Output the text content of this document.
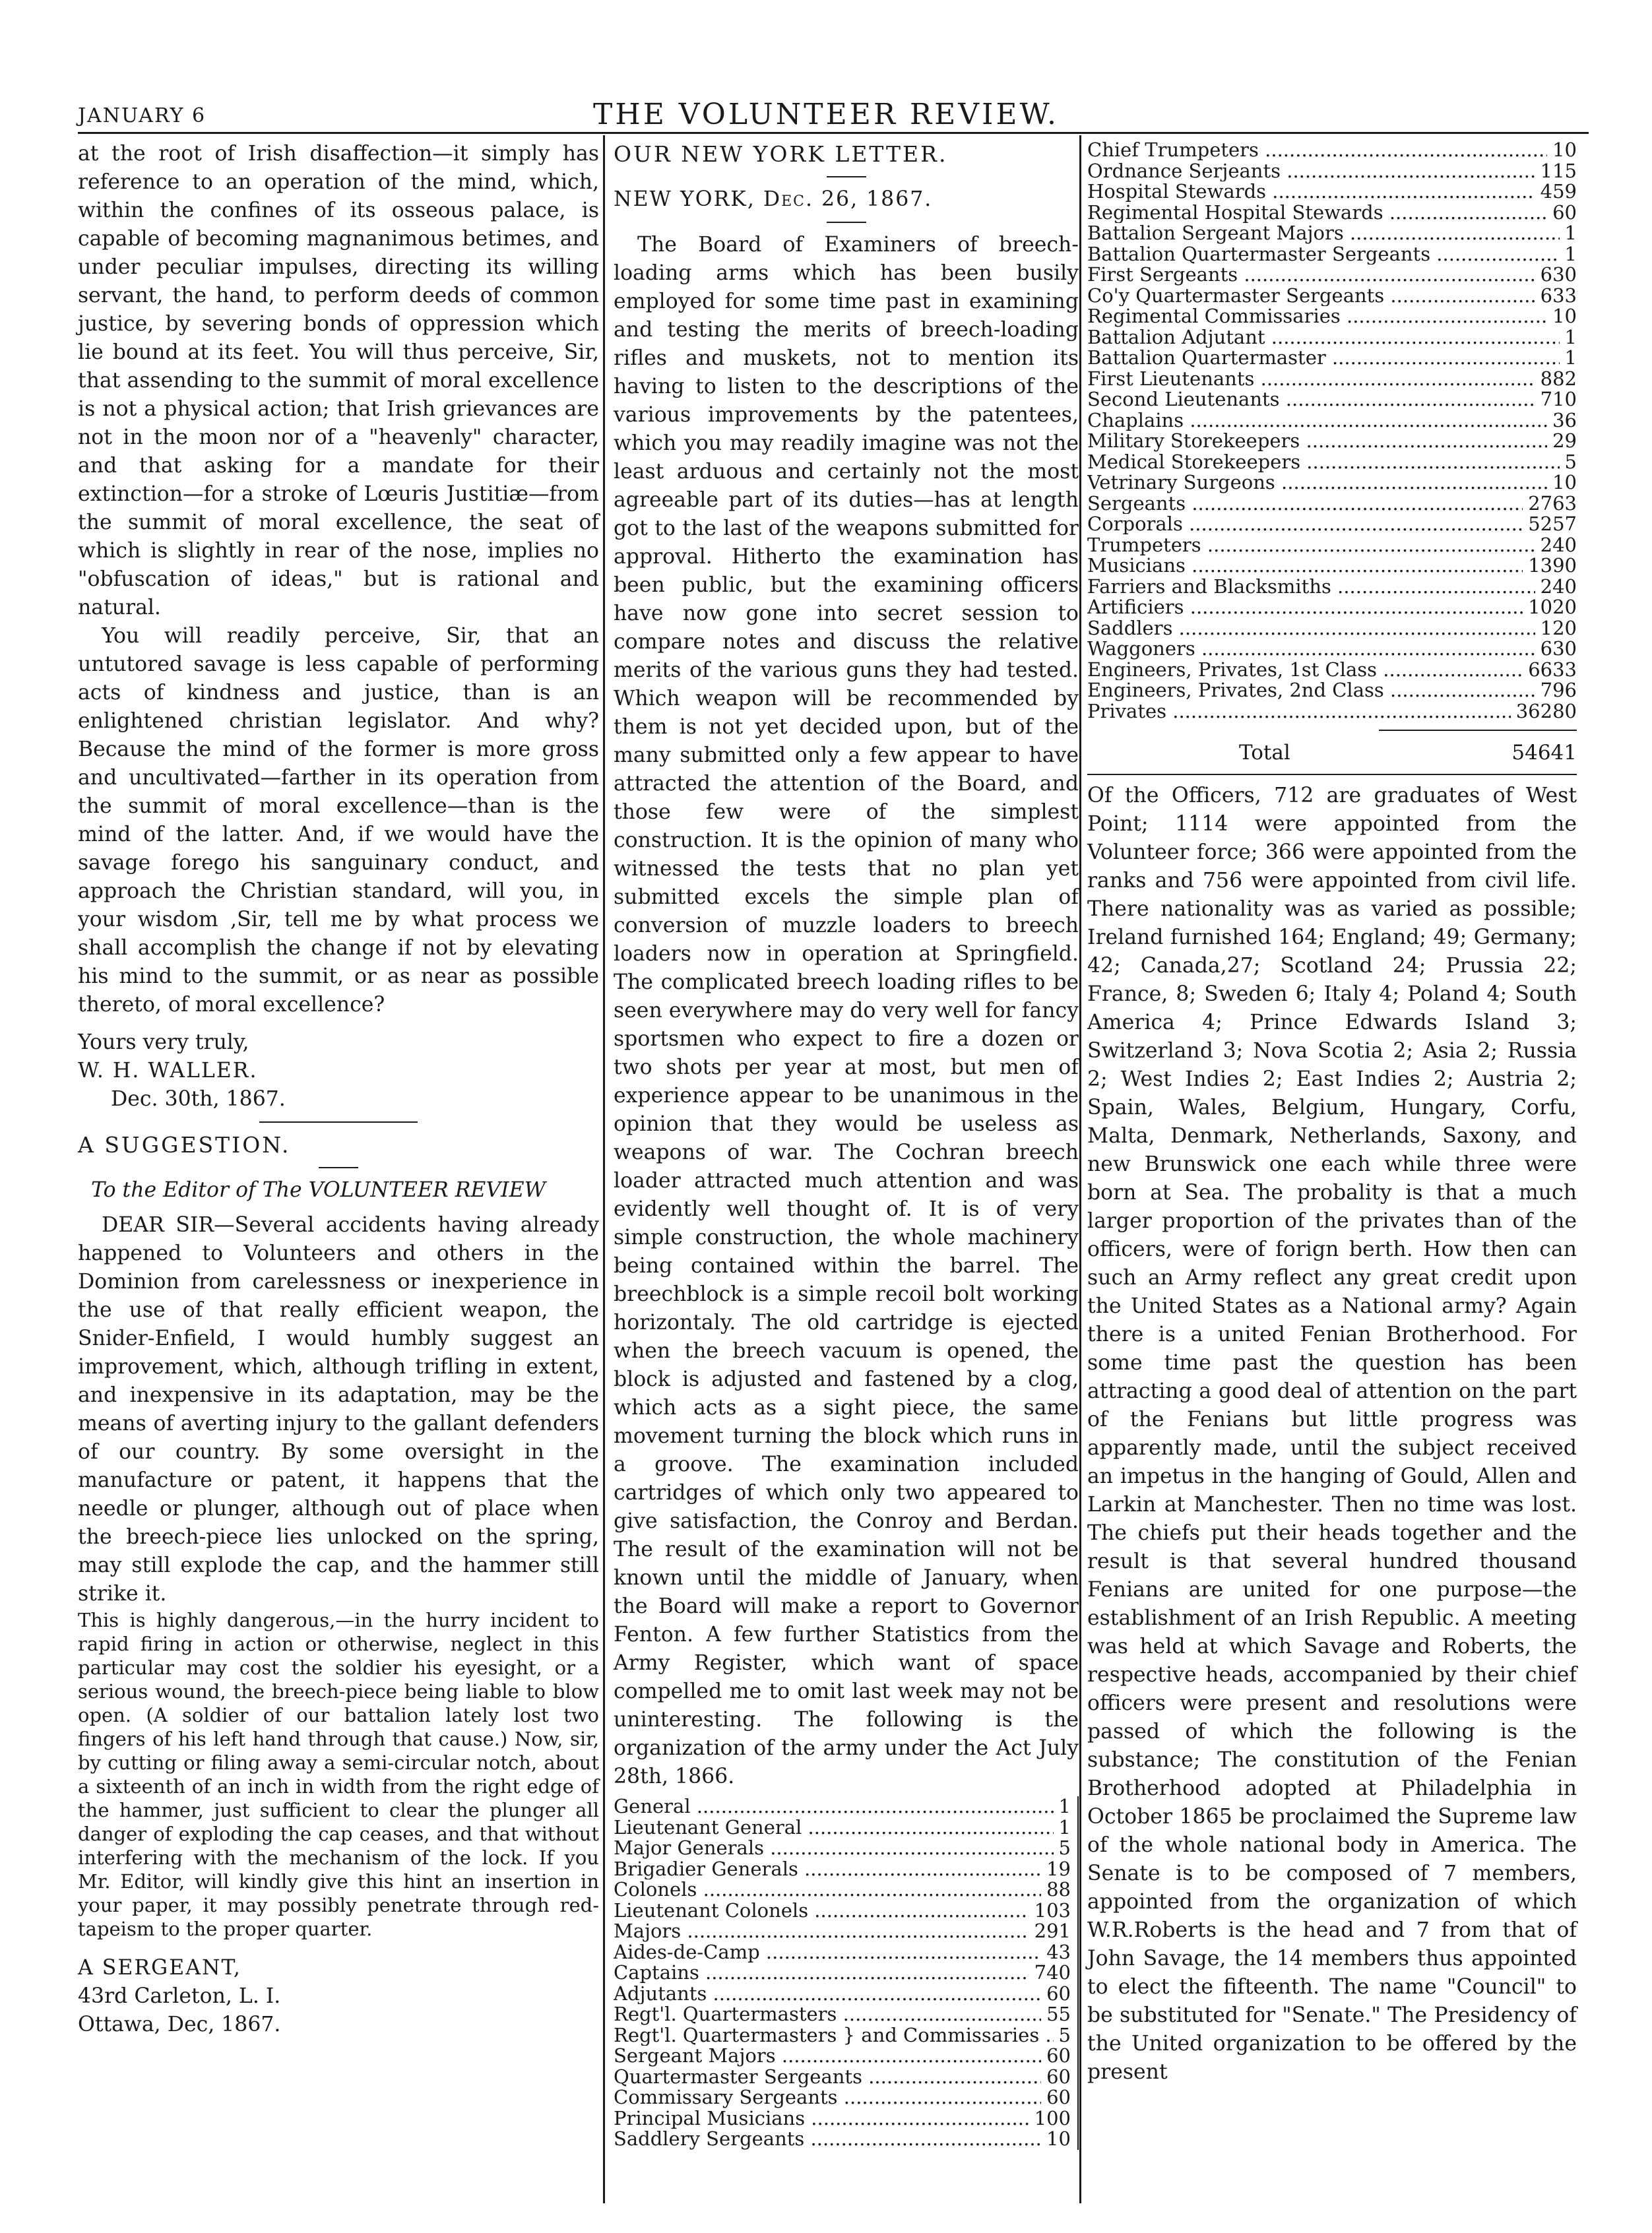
JANUARY 6	THE VOLUNTEER REVIEW.

at the root of Irish disaffection—it simply has reference to an operation of the mind, which, within the confines of its osseous palace, is capable of becoming magnanimous betimes, and under peculiar impulses, directing its willing servant, the hand, to perform deeds of common justice, by severing bonds of oppression which lie bound at its feet. You will thus perceive, Sir, that assending to the summit of moral excellence is not a physical action; that Irish grievances are not in the moon nor of a "heavenly" character, and that asking for a mandate for their extinction—for a stroke of Lœuris Justitiæ—from the summit of moral excellence, the seat of which is slightly in rear of the nose, implies no "obfuscation of ideas," but is rational and natural.

You will readily perceive, Sir, that an untutored savage is less capable of performing acts of kindness and justice, than is an enlightened christian legislator. And why? Because the mind of the former is more gross and uncultivated—farther in its operation from the summit of moral excellence—than is the mind of the latter. And, if we would have the savage forego his sanguinary conduct, and approach the Christian standard, will you, in your wisdom ,Sir, tell me by what process we shall accomplish the change if not by elevating his mind to the summit, or as near as possible thereto, of moral excellence?

Yours very truly,

W. H. WALLER.

Dec. 30th, 1867.

A SUGGESTION.

To the Editor of The VOLUNTEER REVIEW

DEAR SIR—Several accidents having already happened to Volunteers and others in the Dominion from carelessness or inexperience in the use of that really efficient weapon, the Snider-Enfield, I would humbly suggest an improvement, which, although trifling in extent, and inexpensive in its adaptation, may be the means of averting injury to the gallant defenders of our country. By some oversight in the manufacture or patent, it happens that the needle or plunger, although out of place when the breech-piece lies unlocked on the spring, may still explode the cap, and the hammer still strike it.

This is highly dangerous,—in the hurry incident to rapid firing in action or otherwise, neglect in this particular may cost the soldier his eyesight, or a serious wound, the breech-piece being liable to blow open. (A soldier of our battalion lately lost two fingers of his left hand through that cause.) Now, sir, by cutting or filing away a semi-circular notch, about a sixteenth of an inch in width from the right edge of the hammer, just sufficient to clear the plunger all danger of exploding the cap ceases, and that without interfering with the mechanism of the lock. If you Mr. Editor, will kindly give this hint an insertion in your paper, it may possibly penetrate through red-tapeism to the proper quarter.

A SERGEANT,

43rd Carleton, L. I.

Ottawa, Dec, 1867.

OUR NEW YORK LETTER.

NEW YORK, Dec. 26, 1867.

The Board of Examiners of breech-loading arms which has been busily employed for some time past in examining and testing the merits of breech-loading rifles and muskets, not to mention its having to listen to the descriptions of the various improvements by the patentees, which you may readily imagine was not the least arduous and certainly not the most agreeable part of its duties—has at length got to the last of the weapons submitted for approval. Hitherto the examination has been public, but the examining officers have now gone into secret session to compare notes and discuss the relative merits of the various guns they had tested. Which weapon will be recommended by them is not yet decided upon, but of the many submitted only a few appear to have attracted the attention of the Board, and those few were of the simplest construction. It is the opinion of many who witnessed the tests that no plan yet submitted excels the simple plan of conversion of muzzle loaders to breech loaders now in operation at Springfield. The complicated breech loading rifles to be seen everywhere may do very well for fancy sportsmen who expect to fire a dozen or two shots per year at most, but men of experience appear to be unanimous in the opinion that they would be useless as weapons of war. The Cochran breech loader attracted much attention and was evidently well thought of. It is of very simple construction, the whole machinery being contained within the barrel. The breechblock is a simple recoil bolt working horizontaly. The old cartridge is ejected when the breech vacuum is opened, the block is adjusted and fastened by a clog, which acts as a sight piece, the same movement turning the block which runs in a groove. The examination included cartridges of which only two appeared to give satisfaction, the Conroy and Berdan. The result of the examination will not be known until the middle of January, when the Board will make a report to Governor Fenton. A few further Statistics from the Army Register, which want of space compelled me to omit last week may not be uninteresting. The following is the organization of the army under the Act July 28th, 1866.

General .....	1
Lieutenant General .....	1
Major Generals .....	5
Brigadier Generals .....	19
Colonels .....	88
Lieutenant Colonels .....	103
Majors .....	291
Aides-de-Camp .....	43
Captains .....	740
Adjutants .....	60
Regt'l. Quartermasters .....	55
Regt'l. Quartermasters } and Commissaries .....	5
Sergeant Majors .....	60
Quartermaster Sergeants .....	60
Commissary Sergeants .....	60
Principal Musicians .....	100
Saddlery Sergeants .....	10
Chief Trumpeters .....	10
Ordnance Serjeants .....	115
Hospital Stewards .....	459
Regimental Hospital Stewards .....	60
Battalion Sergeant Majors .....	1
Battalion Quartermaster Sergeants .....	1
First Sergeants .....	630
Co'y Quartermaster Sergeants .....	633
Regimental Commissaries .....	10
Battalion Adjutant .....	1
Battalion Quartermaster .....	1
First Lieutenants .....	882
Second Lieutenants .....	710
Chaplains .....	36
Military Storekeepers .....	29
Medical Storekeepers .....	5
Vetrinary Surgeons .....	10
Sergeants .....	2763
Corporals .....	5257
Trumpeters .....	240
Musicians .....	1390
Farriers and Blacksmiths .....	240
Artificiers .....	1020
Saddlers .....	120
Waggoners .....	630
Engineers, Privates, 1st Class .....	6633
Engineers, Privates, 2nd Class .....	796
Privates .....	36280
Total	54641

Of the Officers, 712 are graduates of West Point; 1114 were appointed from the Volunteer force; 366 were appointed from the ranks and 756 were appointed from civil life. There nationality was as varied as possible; Ireland furnished 164; England; 49; Germany; 42; Canada,27; Scotland 24; Prussia 22; France, 8; Sweden 6; Italy 4; Poland 4; South America 4; Prince Edwards Island 3; Switzerland 3; Nova Scotia 2; Asia 2; Russia 2; West Indies 2; East Indies 2; Austria 2; Spain, Wales, Belgium, Hungary, Corfu, Malta, Denmark, Netherlands, Saxony, and new Brunswick one each while three were born at Sea. The probality is that a much larger proportion of the privates than of the officers, were of forign berth. How then can such an Army reflect any great credit upon the United States as a National army? Again there is a united Fenian Brotherhood. For some time past the question has been attracting a good deal of attention on the part of the Fenians but little progress was apparently made, until the subject received an impetus in the hanging of Gould, Allen and Larkin at Manchester. Then no time was lost. The chiefs put their heads together and the result is that several hundred thousand Fenians are united for one purpose—the establishment of an Irish Republic. A meeting was held at which Savage and Roberts, the respective heads, accompanied by their chief officers were present and resolutions were passed of which the following is the substance; The constitution of the Fenian Brotherhood adopted at Philadelphia in October 1865 be proclaimed the Supreme law of the whole national body in America. The Senate is to be composed of 7 members, appointed from the organization of which W.R.Roberts is the head and 7 from that of John Savage, the 14 members thus appointed to elect the fifteenth. The name "Council" to be substituted for "Senate." The Presidency of the United organization to be offered by the present
